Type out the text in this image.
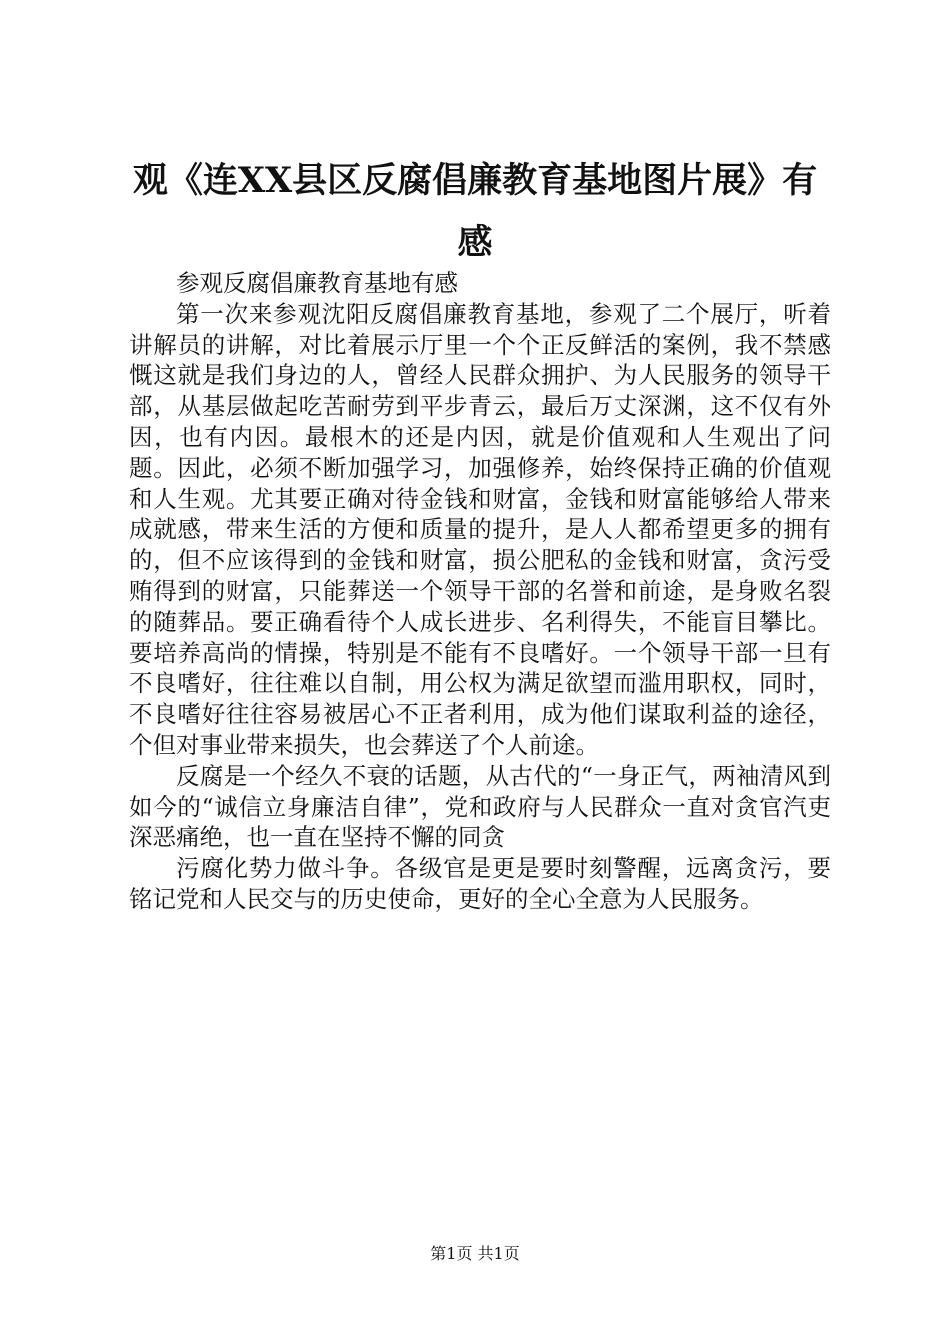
观《连XX县区反腐倡廉教育基地图片展》有感

参观反腐倡廉教育基地有感

第一次来参观沈阳反腐倡廉教育基地，参观了二个展厅，听着讲解员的讲解，对比着展示厅里一个个正反鲜活的案例，我不禁感慨这就是我们身边的人，曾经人民群众拥护、为人民服务的领导干部，从基层做起吃苦耐劳到平步青云，最后万丈深渊，这不仅有外因，也有内因。最根木的还是内因，就是价值观和人生观出了问题。因此，必须不断加强学习，加强修养，始终保持正确的价值观和人生观。尤其要正确对待金钱和财富，金钱和财富能够给人带来成就感，带来生活的方便和质量的提升，是人人都希望更多的拥有的，但不应该得到的金钱和财富，损公肥私的金钱和财富，贪污受贿得到的财富，只能葬送一个领导干部的名誉和前途，是身败名裂的随葬品。要正确看待个人成长进步、名利得失，不能盲目攀比。要培养高尚的情操，特别是不能有不良嗜好。一个领导干部一旦有不良嗜好，往往难以自制，用公权为满足欲望而滥用职权，同时，不良嗜好往往容易被居心不正者利用，成为他们谋取利益的途径，个但对事业带来损失，也会葬送了个人前途。

反腐是一个经久不衰的话题，从古代的“一身正气，两袖清风到如今的“诚信立身廉洁自律”，党和政府与人民群众一直对贪官汽吏深恶痛绝，也一直在坚持不懈的同贪

污腐化势力做斗争。各级官是更是要时刻警醒，远离贪污，要铭记党和人民交与的历史使命，更好的全心全意为人民服务。

第1页 共1页
